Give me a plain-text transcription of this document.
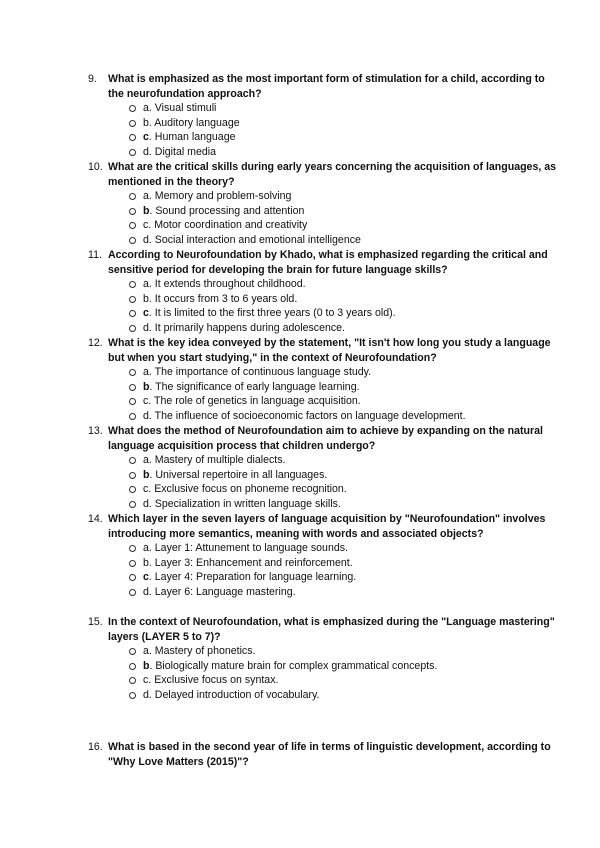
9.	What is emphasized as the most important form of stimulation for a child, according to the neurofundation approach?
a. Visual stimuli
b. Auditory language
c. Human language
d. Digital media
10. What are the critical skills during early years concerning the acquisition of languages, as mentioned in the theory?
a. Memory and problem-solving
b. Sound processing and attention
c. Motor coordination and creativity
d. Social interaction and emotional intelligence
11. According to Neurofoundation by Khado, what is emphasized regarding the critical and sensitive period for developing the brain for future language skills?
a. It extends throughout childhood.
b. It occurs from 3 to 6 years old.
c. It is limited to the first three years (0 to 3 years old).
d. It primarily happens during adolescence.
12. What is the key idea conveyed by the statement, "It isn't how long you study a language but when you start studying," in the context of Neurofoundation?
a. The importance of continuous language study.
b. The significance of early language learning.
c. The role of genetics in language acquisition.
d. The influence of socioeconomic factors on language development.
13. What does the method of Neurofoundation aim to achieve by expanding on the natural language acquisition process that children undergo?
a. Mastery of multiple dialects.
b. Universal repertoire in all languages.
c. Exclusive focus on phoneme recognition.
d. Specialization in written language skills.
14. Which layer in the seven layers of language acquisition by "Neurofoundation" involves introducing more semantics, meaning with words and associated objects?
a. Layer 1: Attunement to language sounds.
b. Layer 3: Enhancement and reinforcement.
c. Layer 4: Preparation for language learning.
d. Layer 6: Language mastering.
15. In the context of Neurofoundation, what is emphasized during the "Language mastering" layers (LAYER 5 to 7)?
a. Mastery of phonetics.
b. Biologically mature brain for complex grammatical concepts.
c. Exclusive focus on syntax.
d. Delayed introduction of vocabulary.
16. What is based in the second year of life in terms of linguistic development, according to "Why Love Matters (2015)"?
